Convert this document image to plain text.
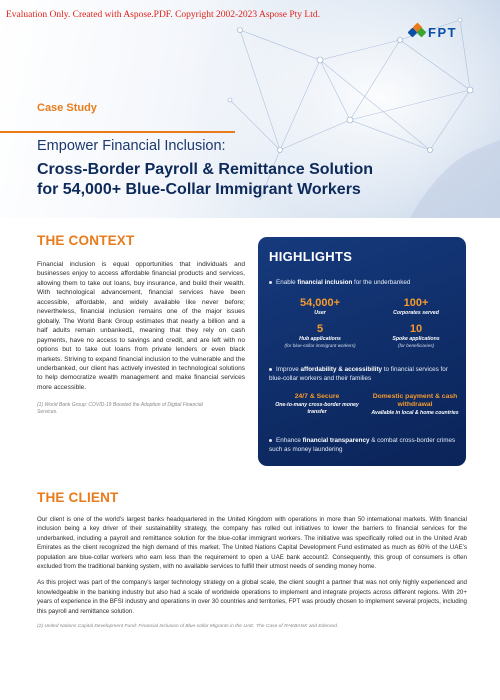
Evaluation Only. Created with Aspose.PDF. Copyright 2002-2023 Aspose Pty Ltd.
FPT
Case Study
Empower Financial Inclusion:
Cross-Border Payroll & Remittance Solution
for 54,000+ Blue-Collar Immigrant Workers
THE CONTEXT
Financial inclusion is equal opportunities that individuals and businesses enjoy to access affordable financial products and services, allowing them to take out loans, buy insurance, and build their wealth. With technological advancement, financial services have been accessible, affordable, and widely available like never before; nevertheless, financial inclusion remains one of the major issues globally. The World Bank Group estimates that nearly a billion and a half adults remain unbanked1, meaning that they rely on cash payments, have no access to savings and credit, and are left with no options but to take out loans from private lenders or even black markets. Striving to expand financial inclusion to the vulnerable and the underbanked, our client has actively invested in technological solutions to help democratize wealth management and make financial services more accessible.
(1) World Bank Group: COVID-19 Boosted the Adoption of Digital Financial Services.
HIGHLIGHTS
Enable financial inclusion for the underbanked
54,000+
User
100+
Corporates served
5
Hub applications
(for blue-collar immigrant workers)
10
Spoke applications
(for beneficiaries)
Improve affordability & accessibility to financial services for blue-collar workers and their families
24/7 & Secure
One-to-many cross-border money transfer
Domestic payment & cash withdrawal
Available in local & home countries
Enhance financial transparency & combat cross-border crimes such as money laundering
THE CLIENT

Our client is one of the world’s largest banks headquartered in the United Kingdom with operations in more than 50 international markets. With financial inclusion being a key driver of their sustainability strategy, the company has rolled out initiatives to lower the barriers to financial services for the underbanked, including a payroll and remittance solution for the blue-collar immigrant workers. The initiative was specifically rolled out in the United Arab Emirates as the client recognized the high demand of this market. The United Nations Capital Development Fund estimated as much as 60% of the UAE’s population are blue-collar workers who earn less than the requirement to open a UAE bank account2. Consequently, this group of consumers is often excluded from the traditional banking system, with no available services to fulfill their utmost needs of sending money home.

As this project was part of the company’s larger technology strategy on a global scale, the client sought a partner that was not only highly experienced and knowledgeable in the banking industry but also had a scale of worldwide operations to implement and integrate projects across different regions. With 20+ years of experience in the BFSI industry and operations in over 30 countries and territories, FPT was proudly chosen to implement several projects, including this payroll and remittance solution.

(2) United Nations Capital Development Fund: Financial Inclusion of Blue-collar Migrants in the UAE. The Case of RAKBANK and Edenred.
